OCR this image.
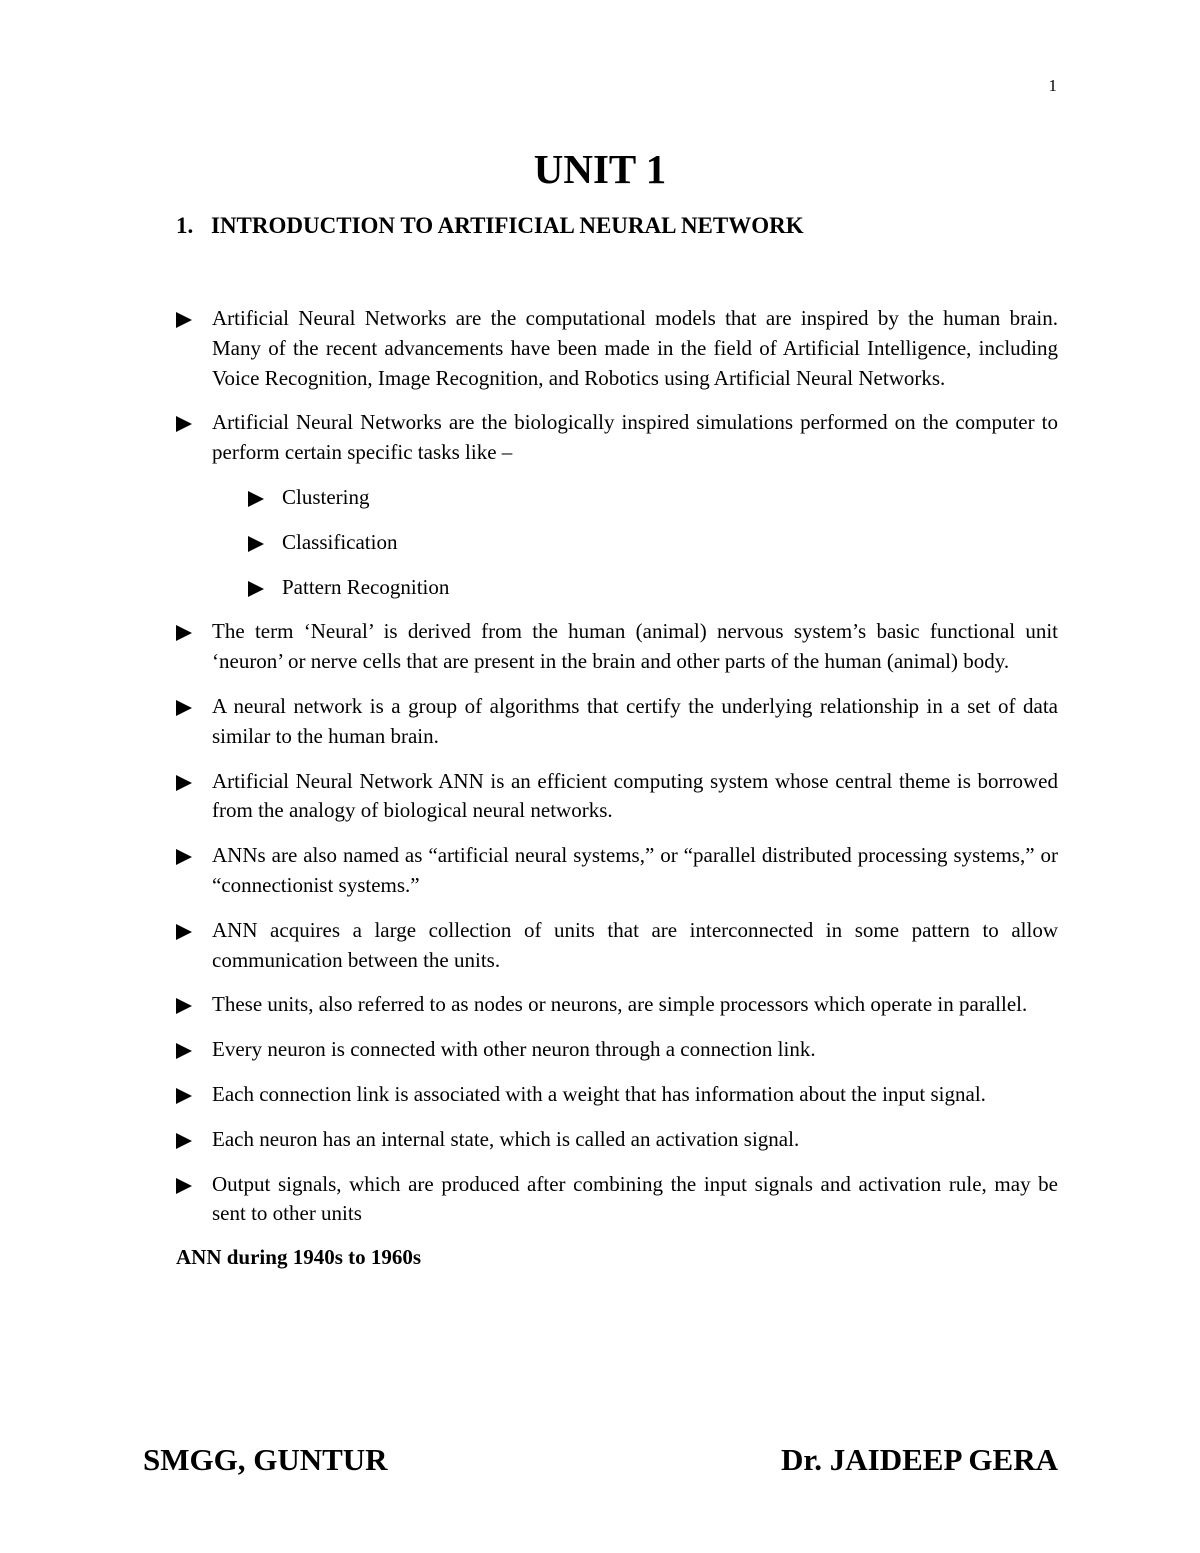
1
UNIT 1
1. INTRODUCTION TO ARTIFICIAL NEURAL NETWORK
Artificial Neural Networks are the computational models that are inspired by the human brain. Many of the recent advancements have been made in the field of Artificial Intelligence, including Voice Recognition, Image Recognition, and Robotics using Artificial Neural Networks.
Artificial Neural Networks are the biologically inspired simulations performed on the computer to perform certain specific tasks like –
Clustering
Classification
Pattern Recognition
The term ‘Neural’ is derived from the human (animal) nervous system’s basic functional unit ‘neuron’ or nerve cells that are present in the brain and other parts of the human (animal) body.
A neural network is a group of algorithms that certify the underlying relationship in a set of data similar to the human brain.
Artificial Neural Network ANN is an efficient computing system whose central theme is borrowed from the analogy of biological neural networks.
ANNs are also named as “artificial neural systems,” or “parallel distributed processing systems,” or “connectionist systems.”
ANN acquires a large collection of units that are interconnected in some pattern to allow communication between the units.
These units, also referred to as nodes or neurons, are simple processors which operate in parallel.
Every neuron is connected with other neuron through a connection link.
Each connection link is associated with a weight that has information about the input signal.
Each neuron has an internal state, which is called an activation signal.
Output signals, which are produced after combining the input signals and activation rule, may be sent to other units
ANN during 1940s to 1960s
SMGG, GUNTUR	Dr. JAIDEEP GERA
